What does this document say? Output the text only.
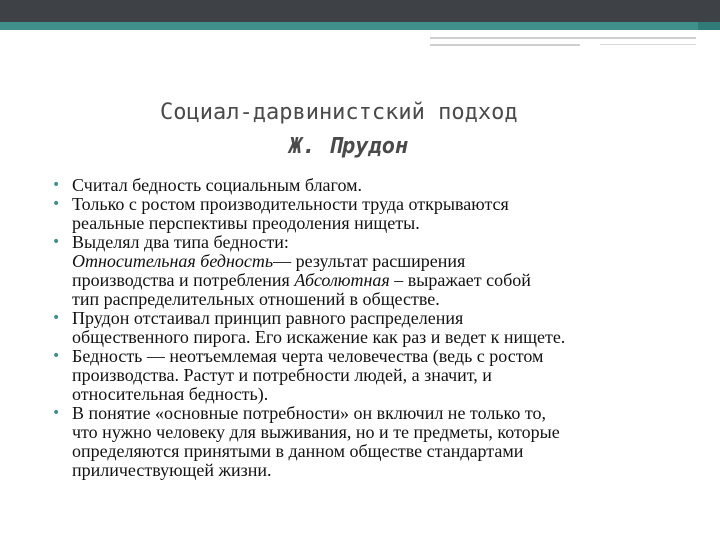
Социал-дарвинистский подход
Ж. Прудон
• Считал бедность социальным благом.
• Только с ростом производительности труда открываются
реальные перспективы преодоления нищеты.
• Выделял два типа бедности:
Относительная бедность— результат расширения
производства и потребления Абсолютная – выражает собой
тип распределительных отношений в обществе.
• Прудон отстаивал принцип равного распределения
общественного пирога. Его искажение как раз и ведет к нищете.
• Бедность — неотъемлемая черта человечества (ведь с ростом
производства. Растут и потребности людей, а значит, и
относительная бедность).
• В понятие «основные потребности» он включил не только то,
что нужно человеку для выживания, но и те предметы, которые
определяются принятыми в данном обществе стандартами
приличествующей жизни.
